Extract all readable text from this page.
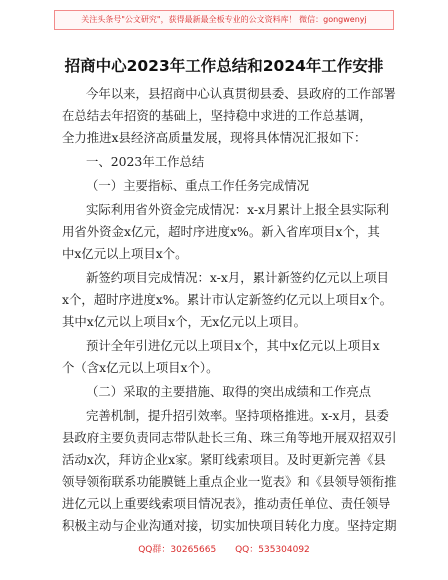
关注头条号"公文研究"，获得最新最全板专业的公文资料库！ 微信：gongwenyj
招商中心2023年工作总结和2024年工作安排
今年以来，县招商中心认真贯彻县委、县政府的工作部署
在总结去年招资的基础上，坚持稳中求进的工作总基调，
全力推进x县经济高质量发展，现将具体情况汇报如下：
一、2023年工作总结
（一）主要指标、重点工作任务完成情况
实际利用省外资金完成情况：x-x月累计上报全县实际利
用省外资金x亿元，超时序进度x%。新入省库项目x个，其
中x亿元以上项目x个。
新签约项目完成情况：x-x月，累计新签约亿元以上项目
x个，超时序进度x%。累计市认定新签约亿元以上项目x个。
其中x亿元以上项目x个，无x亿元以上项目。
预计全年引进亿元以上项目x个，其中x亿元以上项目x
个（含x亿元以上项目x个）。
（二）采取的主要措施、取得的突出成绩和工作亮点
完善机制，提升招引效率。坚持项格推进。x-x月，县委
县政府主要负责同志带队赴长三角、珠三角等地开展双招双引
活动x次，拜访企业x家。紧盯线索项目。及时更新完善《县
领导领衔联系功能膜链上重点企业一览表》和《县领导领衔推
进亿元以上重要线索项目情况表》，推动责任单位、责任领导
积极主动与企业沟通对接，切实加快项目转化力度。坚持定期
QQ群：30265665 QQ：535304092
